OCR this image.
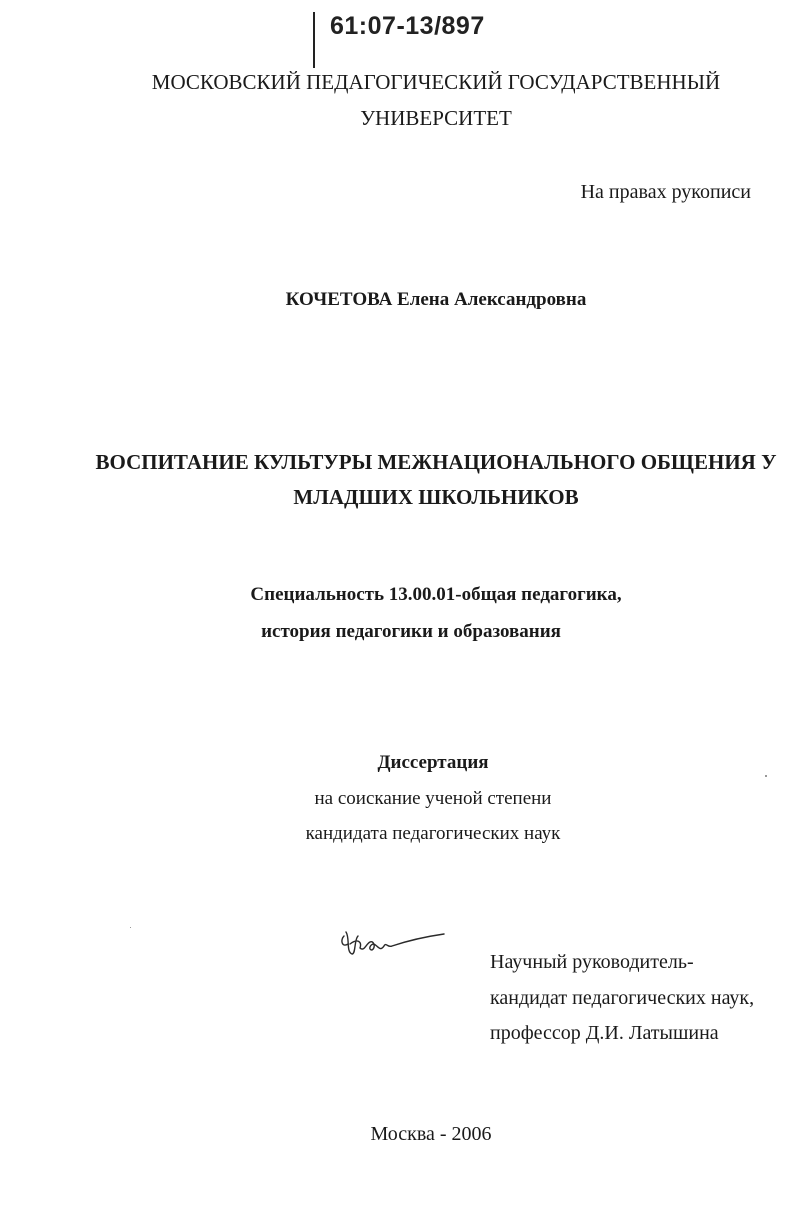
61:07-13/897
МОСКОВСКИЙ ПЕДАГОГИЧЕСКИЙ ГОСУДАРСТВЕННЫЙ
УНИВЕРСИТЕТ
На правах рукописи
КОЧЕТОВА Елена Александровна
ВОСПИТАНИЕ КУЛЬТУРЫ МЕЖНАЦИОНАЛЬНОГО ОБЩЕНИЯ У
МЛАДШИХ ШКОЛЬНИКОВ
Специальность 13.00.01-общая педагогика,
история педагогики и образования
Диссертация
на соискание ученой степени
кандидата педагогических наук
Научный руководитель-
кандидат педагогических наук,
профессор Д.И. Латышина
Москва - 2006
